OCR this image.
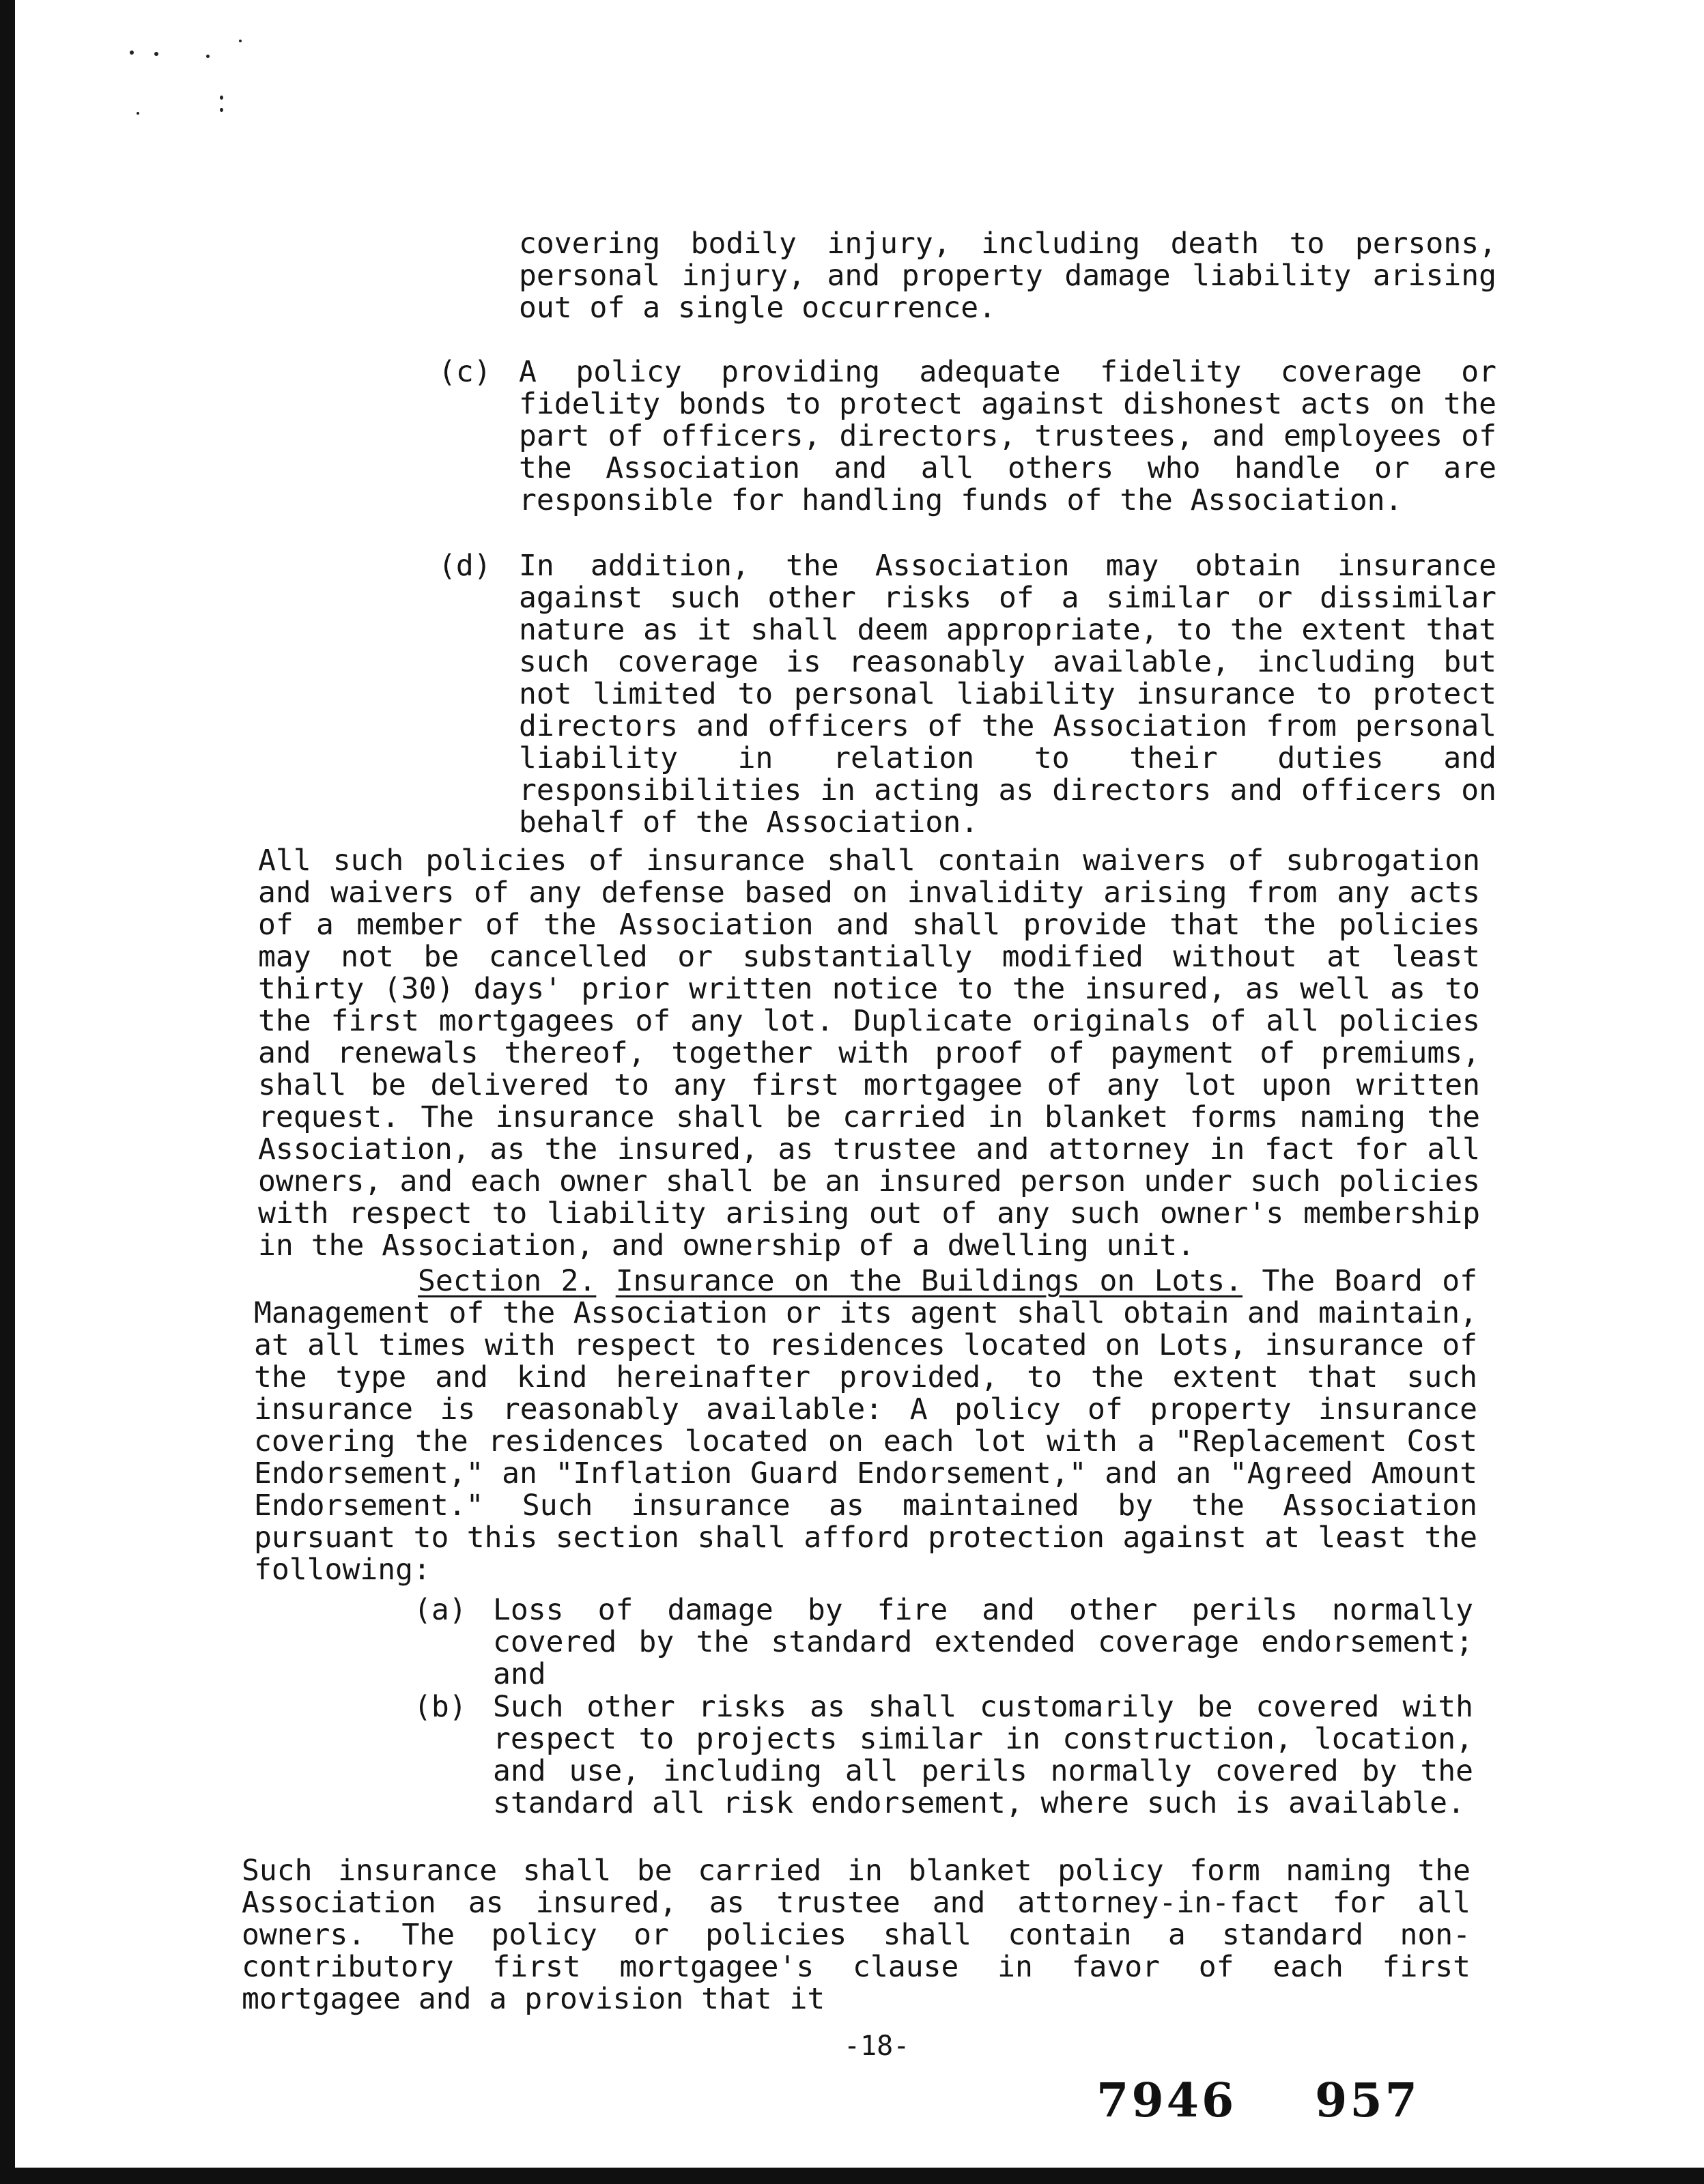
covering bodily injury, including death to persons, personal injury, and property damage liability arising out of a single occurrence.

(c) A policy providing adequate fidelity coverage or fidelity bonds to protect against dishonest acts on the part of officers, directors, trustees, and employees of the Association and all others who handle or are responsible for handling funds of the Association.

(d) In addition, the Association may obtain insurance against such other risks of a similar or dissimilar nature as it shall deem appropriate, to the extent that such coverage is reasonably available, including but not limited to personal liability insurance to protect directors and officers of the Association from personal liability in relation to their duties and responsibilities in acting as directors and officers on behalf of the Association.

All such policies of insurance shall contain waivers of subrogation and waivers of any defense based on invalidity arising from any acts of a member of the Association and shall provide that the policies may not be cancelled or substantially modified without at least thirty (30) days' prior written notice to the insured, as well as to the first mortgagees of any lot. Duplicate originals of all policies and renewals thereof, together with proof of payment of premiums, shall be delivered to any first mortgagee of any lot upon written request. The insurance shall be carried in blanket forms naming the Association, as the insured, as trustee and attorney in fact for all owners, and each owner shall be an insured person under such policies with respect to liability arising out of any such owner's membership in the Association, and ownership of a dwelling unit.

Section 2. Insurance on the Buildings on Lots. The Board of Management of the Association or its agent shall obtain and maintain, at all times with respect to residences located on Lots, insurance of the type and kind hereinafter provided, to the extent that such insurance is reasonably available: A policy of property insurance covering the residences located on each lot with a "Replacement Cost Endorsement," an "Inflation Guard Endorsement," and an "Agreed Amount Endorsement." Such insurance as maintained by the Association pursuant to this section shall afford protection against at least the following:

(a) Loss of damage by fire and other perils normally covered by the standard extended coverage endorsement; and

(b) Such other risks as shall customarily be covered with respect to projects similar in construction, location, and use, including all perils normally covered by the standard all risk endorsement, where such is available.

Such insurance shall be carried in blanket policy form naming the Association as insured, as trustee and attorney-in-fact for all owners. The policy or policies shall contain a standard non-contributory first mortgagee's clause in favor of each first mortgagee and a provision that it

-18-
7946 957
